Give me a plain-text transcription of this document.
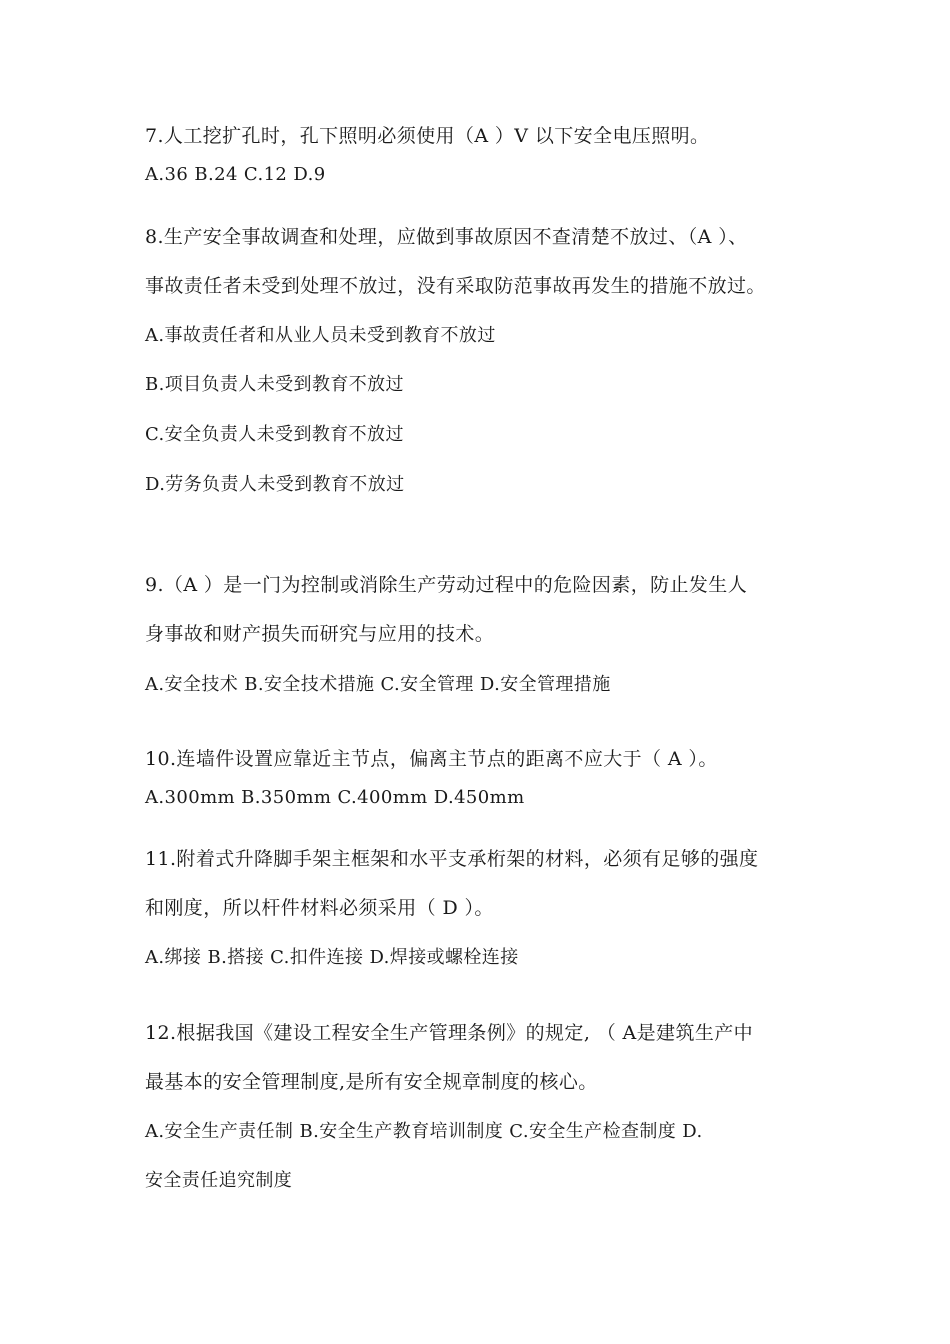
7.人工挖扩孔时，孔下照明必须使用（A ）V 以下安全电压照明。
A.36 B.24 C.12 D.9
8.生产安全事故调查和处理，应做到事故原因不查清楚不放过、（A ）、
事故责任者未受到处理不放过，没有采取防范事故再发生的措施不放过。
A.事故责任者和从业人员未受到教育不放过
B.项目负责人未受到教育不放过
C.安全负责人未受到教育不放过
D.劳务负责人未受到教育不放过
9.（A ）是一门为控制或消除生产劳动过程中的危险因素，防止发生人
身事故和财产损失而研究与应用的技术。
A.安全技术 B.安全技术措施 C.安全管理 D.安全管理措施
10.连墙件设置应靠近主节点，偏离主节点的距离不应大于（ A ）。
A.300mm B.350mm C.400mm D.450mm
11.附着式升降脚手架主框架和水平支承桁架的材料，必须有足够的强度
和刚度，所以杆件材料必须采用（ D ）。
A.绑接 B.搭接 C.扣件连接 D.焊接或螺栓连接
12.根据我国《建设工程安全生产管理条例》的规定, （ A是建筑生产中
最基本的安全管理制度,是所有安全规章制度的核心。
A.安全生产责任制 B.安全生产教育培训制度 C.安全生产检查制度 D.
安全责任追究制度
